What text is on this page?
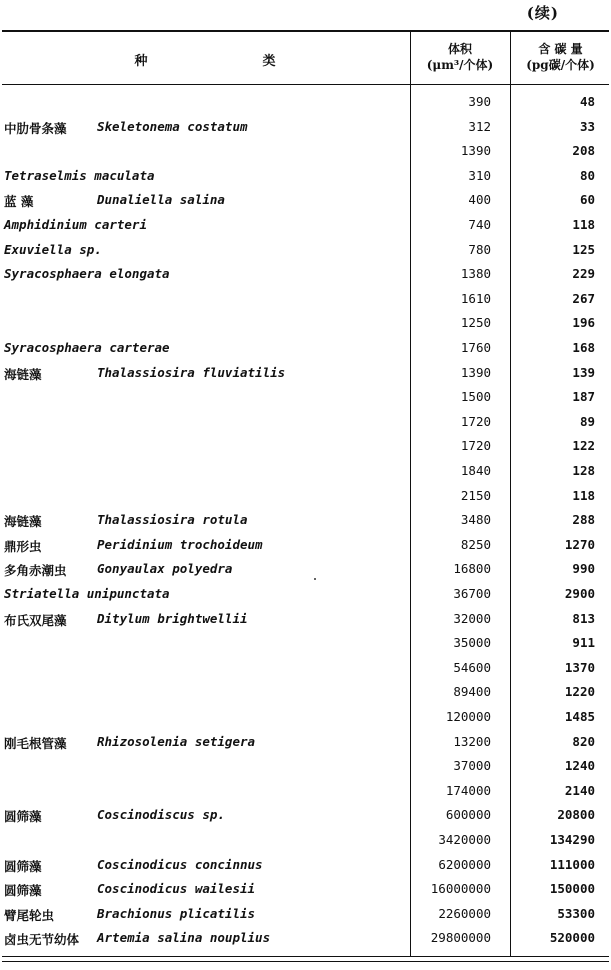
(续)
种	类
体积
(μm³/个体)
含 碳 量
(pg碳/个体)
390	48
中肋骨条藻 Skeletonema costatum	312	33
1390	208
Tetraselmis maculata	310	80
蓝 藻	Dunaliella salina	400	60
Amphidinium carteri	740	118
Exuviella sp.	780	125
Syracosphaera elongata	1380	229
1610	267
1250	196
Syracosphaera carterae	1760	168
海链藻	Thalassiosira fluviatilis	1390	139
1500	187
1720	89
1720	122
1840	128
2150	118
海链藻	Thalassiosira rotula	3480	288
鼎形虫	Peridinium trochoideum	8250	1270
多角赤潮虫 Gonyaulax polyedra	16800	990
Striatella unipunctata	36700	2900
布氏双尾藻 Ditylum brightwellii	32000	813
35000	911
54600	1370
89400	1220
120000	1485
刚毛根管藻 Rhizosolenia setigera	13200	820
37000	1240
174000	2140
圆筛藻	Coscinodiscus sp.	600000	20800
3420000	134290
圆筛藻	Coscinodicus concinnus	6200000	111000
圆筛藻	Coscinodicus wailesii	16000000	150000
臂尾轮虫	Brachionus plicatilis	2260000	53300
卤虫无节幼体 Artemia salina nouplius	29800000	520000
